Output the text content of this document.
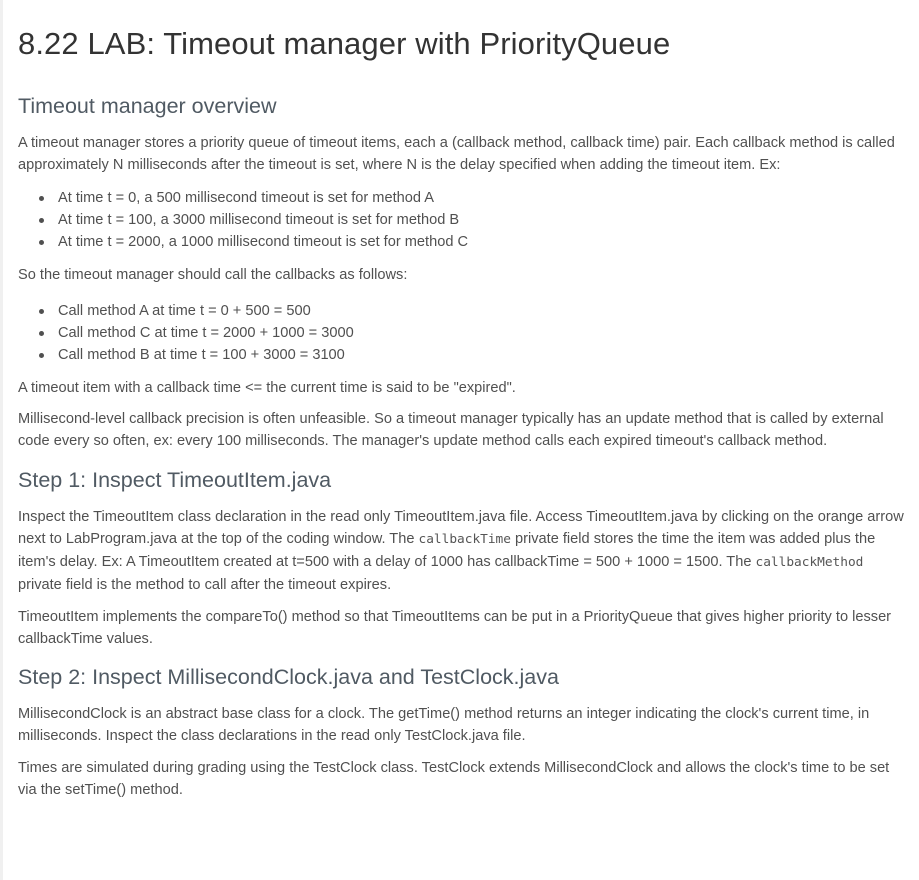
8.22 LAB: Timeout manager with PriorityQueue
Timeout manager overview

A timeout manager stores a priority queue of timeout items, each a (callback method, callback time) pair. Each callback method is called approximately N milliseconds after the timeout is set, where N is the delay specified when adding the timeout item. Ex:

At time t = 0, a 500 millisecond timeout is set for method A
At time t = 100, a 3000 millisecond timeout is set for method B
At time t = 2000, a 1000 millisecond timeout is set for method C

So the timeout manager should call the callbacks as follows:

Call method A at time t = 0 + 500 = 500
Call method C at time t = 2000 + 1000 = 3000
Call method B at time t = 100 + 3000 = 3100

A timeout item with a callback time <= the current time is said to be "expired".

Millisecond-level callback precision is often unfeasible. So a timeout manager typically has an update method that is called by external code every so often, ex: every 100 milliseconds. The manager's update method calls each expired timeout's callback method.

Step 1: Inspect TimeoutItem.java

Inspect the TimeoutItem class declaration in the read only TimeoutItem.java file. Access TimeoutItem.java by clicking on the orange arrow next to LabProgram.java at the top of the coding window. The callbackTime private field stores the time the item was added plus the item's delay. Ex: A TimeoutItem created at t=500 with a delay of 1000 has callbackTime = 500 + 1000 = 1500. The callbackMethod private field is the method to call after the timeout expires.

TimeoutItem implements the compareTo() method so that TimeoutItems can be put in a PriorityQueue that gives higher priority to lesser callbackTime values.

Step 2: Inspect MillisecondClock.java and TestClock.java

MillisecondClock is an abstract base class for a clock. The getTime() method returns an integer indicating the clock's current time, in milliseconds. Inspect the class declarations in the read only TestClock.java file.

Times are simulated during grading using the TestClock class. TestClock extends MillisecondClock and allows the clock's time to be set via the setTime() method.
